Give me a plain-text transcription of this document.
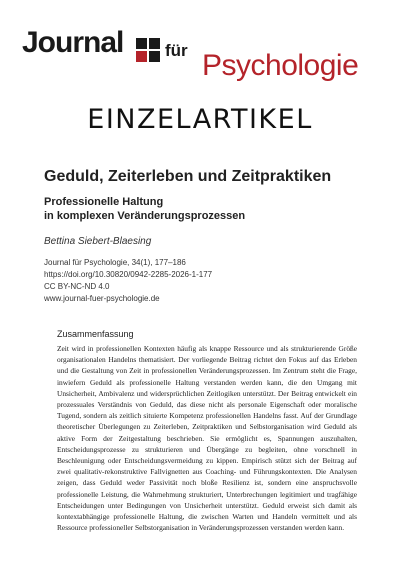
Journal für Psychologie
EINZELARTIKEL
Geduld, Zeiterleben und Zeitpraktiken
Professionelle Haltung
in komplexen Veränderungsprozessen
Bettina Siebert-Blaesing
Journal für Psychologie, 34(1), 177–186
https://doi.org/10.30820/0942-2285-2026-1-177
CC BY-NC-ND 4.0
www.journal-fuer-psychologie.de
Zusammenfassung
Zeit wird in professionellen Kontexten häufig als knappe Ressource und als strukturierende Größe organisationalen Handelns thematisiert. Der vorliegende Beitrag richtet den Fokus auf das Erleben und die Gestaltung von Zeit in professionellen Veränderungsprozessen. Im Zentrum steht die Frage, inwiefern Geduld als professionelle Haltung verstanden werden kann, die den Umgang mit Unsicherheit, Ambivalenz und widersprüchlichen Zeitlogiken unterstützt. Der Beitrag entwickelt ein prozessuales Verständnis von Geduld, das diese nicht als personale Eigenschaft oder moralische Tugend, sondern als zeitlich situierte Kompetenz professionellen Handelns fasst. Auf der Grundlage theoretischer Überlegungen zu Zeiterleben, Zeitpraktiken und Selbstorganisation wird Geduld als aktive Form der Zeitgestaltung beschrieben. Sie ermöglicht es, Spannungen auszuhalten, Entscheidungsprozesse zu strukturieren und Übergänge zu begleiten, ohne vorschnell in Beschleunigung oder Entscheidungsvermeidung zu kippen. Empirisch stützt sich der Beitrag auf zwei qualitativ-rekonstruktive Fallvignetten aus Coaching- und Führungskontexten. Die Analysen zeigen, dass Geduld weder Passivität noch bloße Resilienz ist, sondern eine anspruchsvolle professionelle Leistung, die Wahrnehmung strukturiert, Unterbrechungen legitimiert und tragfähige Entscheidungen unter Bedingungen von Unsicherheit unterstützt. Geduld erweist sich damit als kontextabhängige professionelle Haltung, die zwischen Warten und Handeln vermittelt und als Ressource professioneller Selbstorganisation in Veränderungsprozessen verstanden werden kann.
